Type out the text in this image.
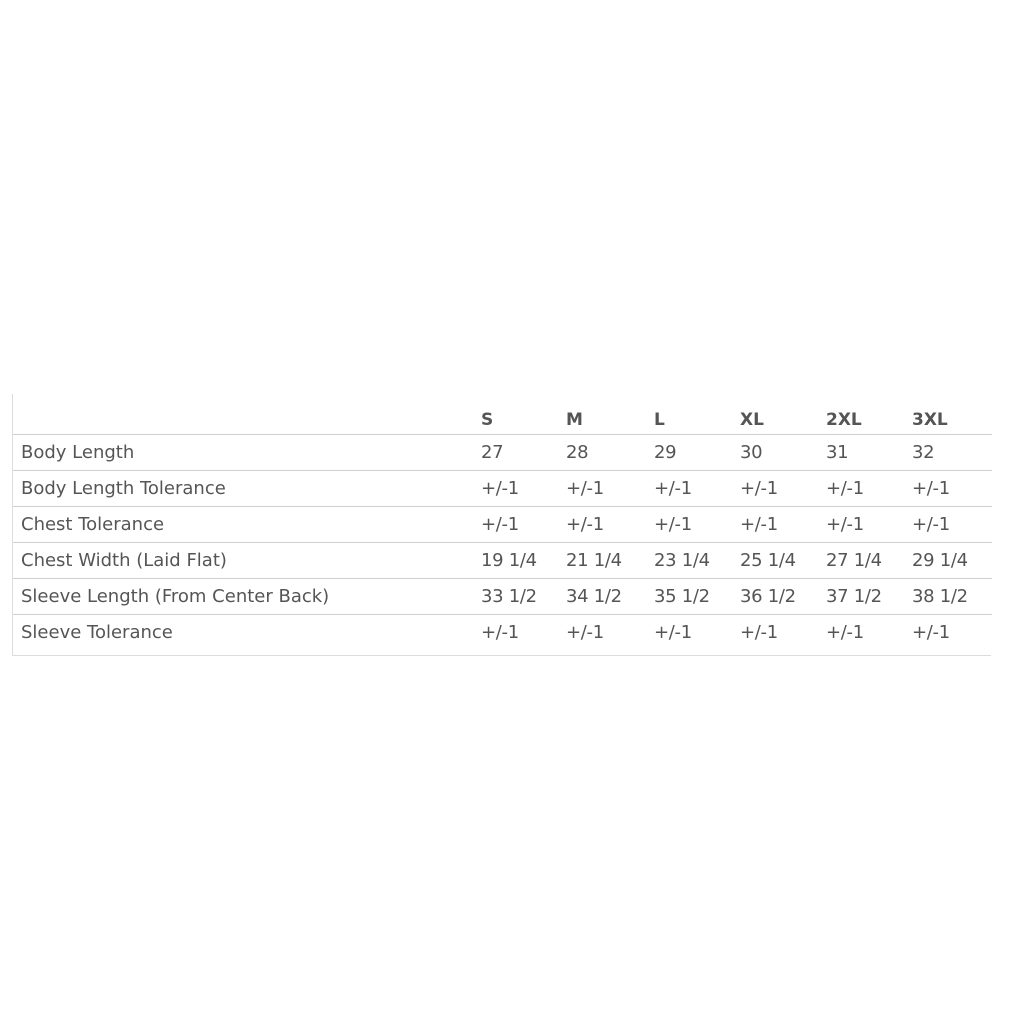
	S	M	L	XL	2XL	3XL
Body Length	27	28	29	30	31	32
Body Length Tolerance	+/-1	+/-1	+/-1	+/-1	+/-1	+/-1
Chest Tolerance	+/-1	+/-1	+/-1	+/-1	+/-1	+/-1
Chest Width (Laid Flat)	19 1/4	21 1/4	23 1/4	25 1/4	27 1/4	29 1/4
Sleeve Length (From Center Back)	33 1/2	34 1/2	35 1/2	36 1/2	37 1/2	38 1/2
Sleeve Tolerance	+/-1	+/-1	+/-1	+/-1	+/-1	+/-1
